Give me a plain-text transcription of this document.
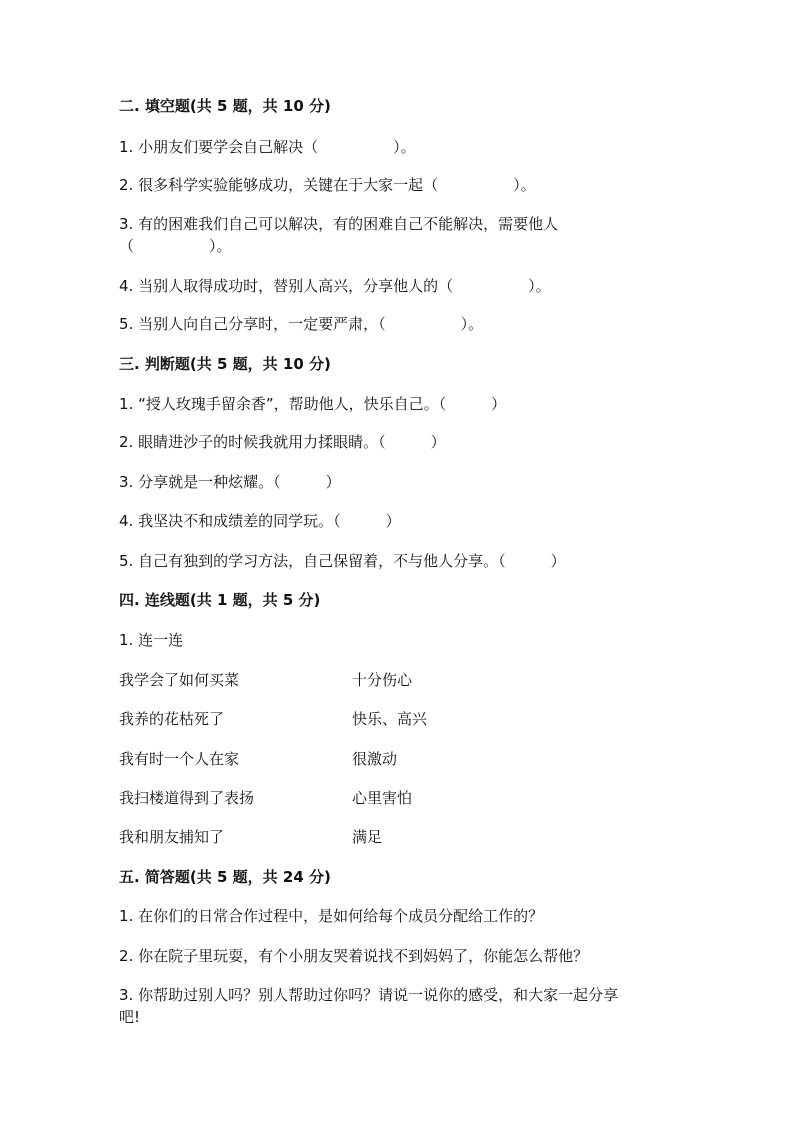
二. 填空题(共 5 题，共 10 分)
1. 小朋友们要学会自己解决（　　　　　）。
2. 很多科学实验能够成功，关键在于大家一起（　　　　　）。
3. 有的困难我们自己可以解决，有的困难自己不能解决，需要他人
（　　　　　）。
4. 当别人取得成功时，替别人高兴，分享他人的（　　　　　）。
5. 当别人向自己分享时，一定要严肃，（　　　　　）。
三. 判断题(共 5 题，共 10 分)
1. “授人玫瑰手留余香”，帮助他人，快乐自己。（　　　）
2. 眼睛进沙子的时候我就用力揉眼睛。（　　　）
3. 分享就是一种炫耀。（　　　）
4. 我坚决不和成绩差的同学玩。（　　　）
5. 自己有独到的学习方法，自己保留着，不与他人分享。（　　　）
四. 连线题(共 1 题，共 5 分)
1. 连一连
我学会了如何买菜	十分伤心
我养的花枯死了	快乐、高兴
我有时一个人在家	很激动
我扫楼道得到了表扬	心里害怕
我和朋友捕知了	满足
五. 简答题(共 5 题，共 24 分)
1. 在你们的日常合作过程中，是如何给每个成员分配给工作的？
2. 你在院子里玩耍，有个小朋友哭着说找不到妈妈了，你能怎么帮他？
3. 你帮助过别人吗？别人帮助过你吗？请说一说你的感受，和大家一起分享
吧!
